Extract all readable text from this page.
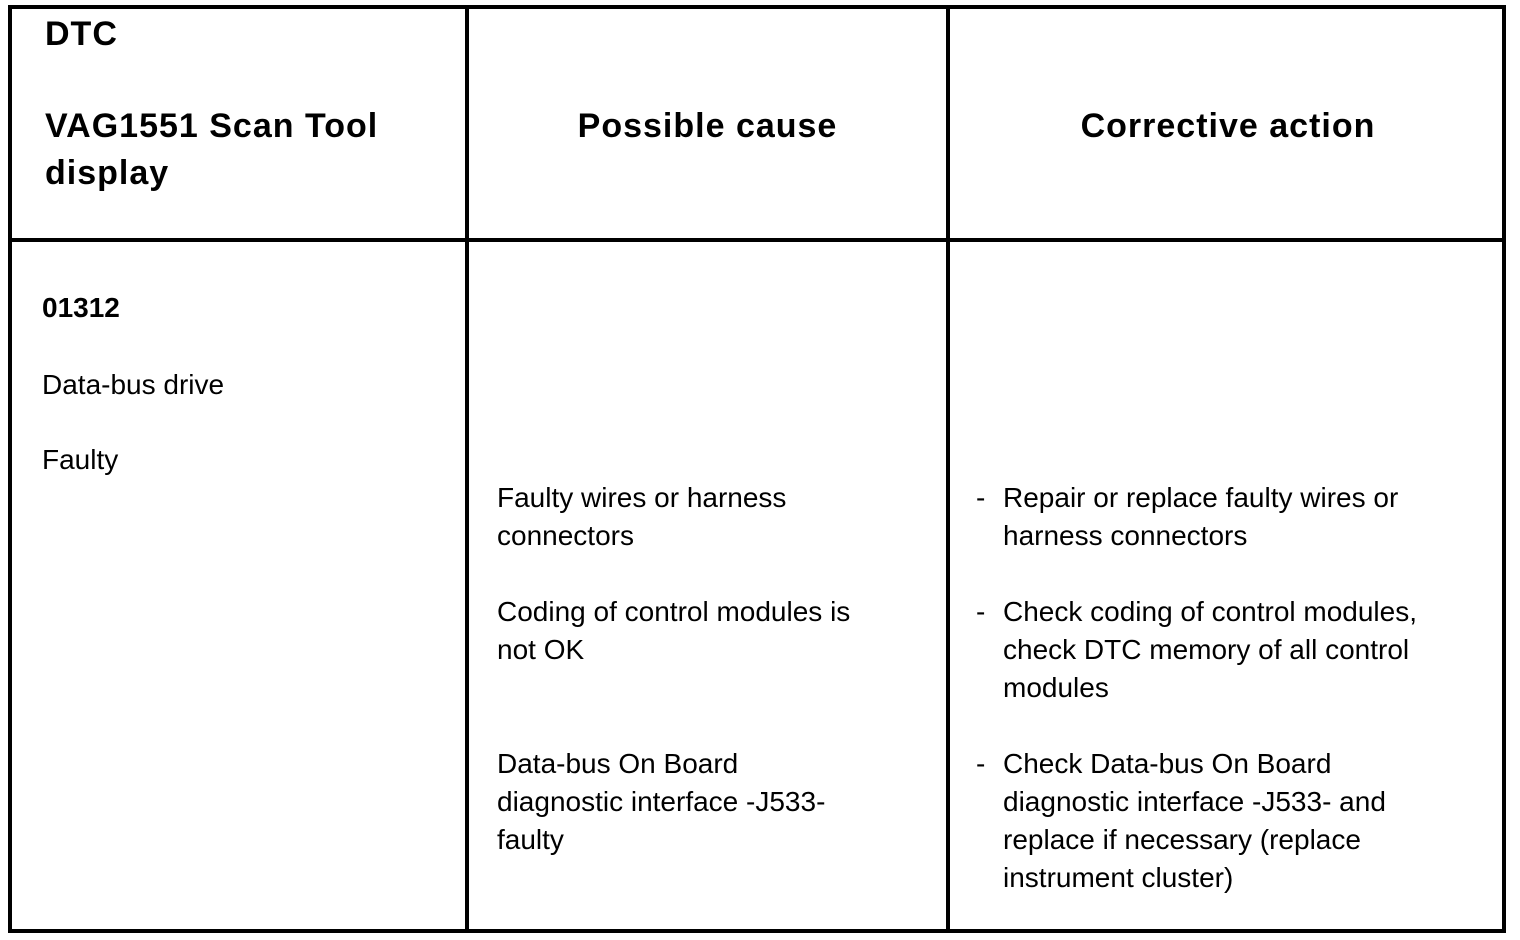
DTC
VAG1551 Scan Tool
display
Possible cause	Corrective action
01312
Data-bus drive
Faulty
Faulty wires or harness
connectors
Coding of control modules is
not OK
Data-bus On Board
diagnostic interface -J533-
faulty
- Repair or replace faulty wires or
harness connectors
- Check coding of control modules,
check DTC memory of all control
modules
- Check Data-bus On Board
diagnostic interface -J533- and
replace if necessary (replace
instrument cluster)
